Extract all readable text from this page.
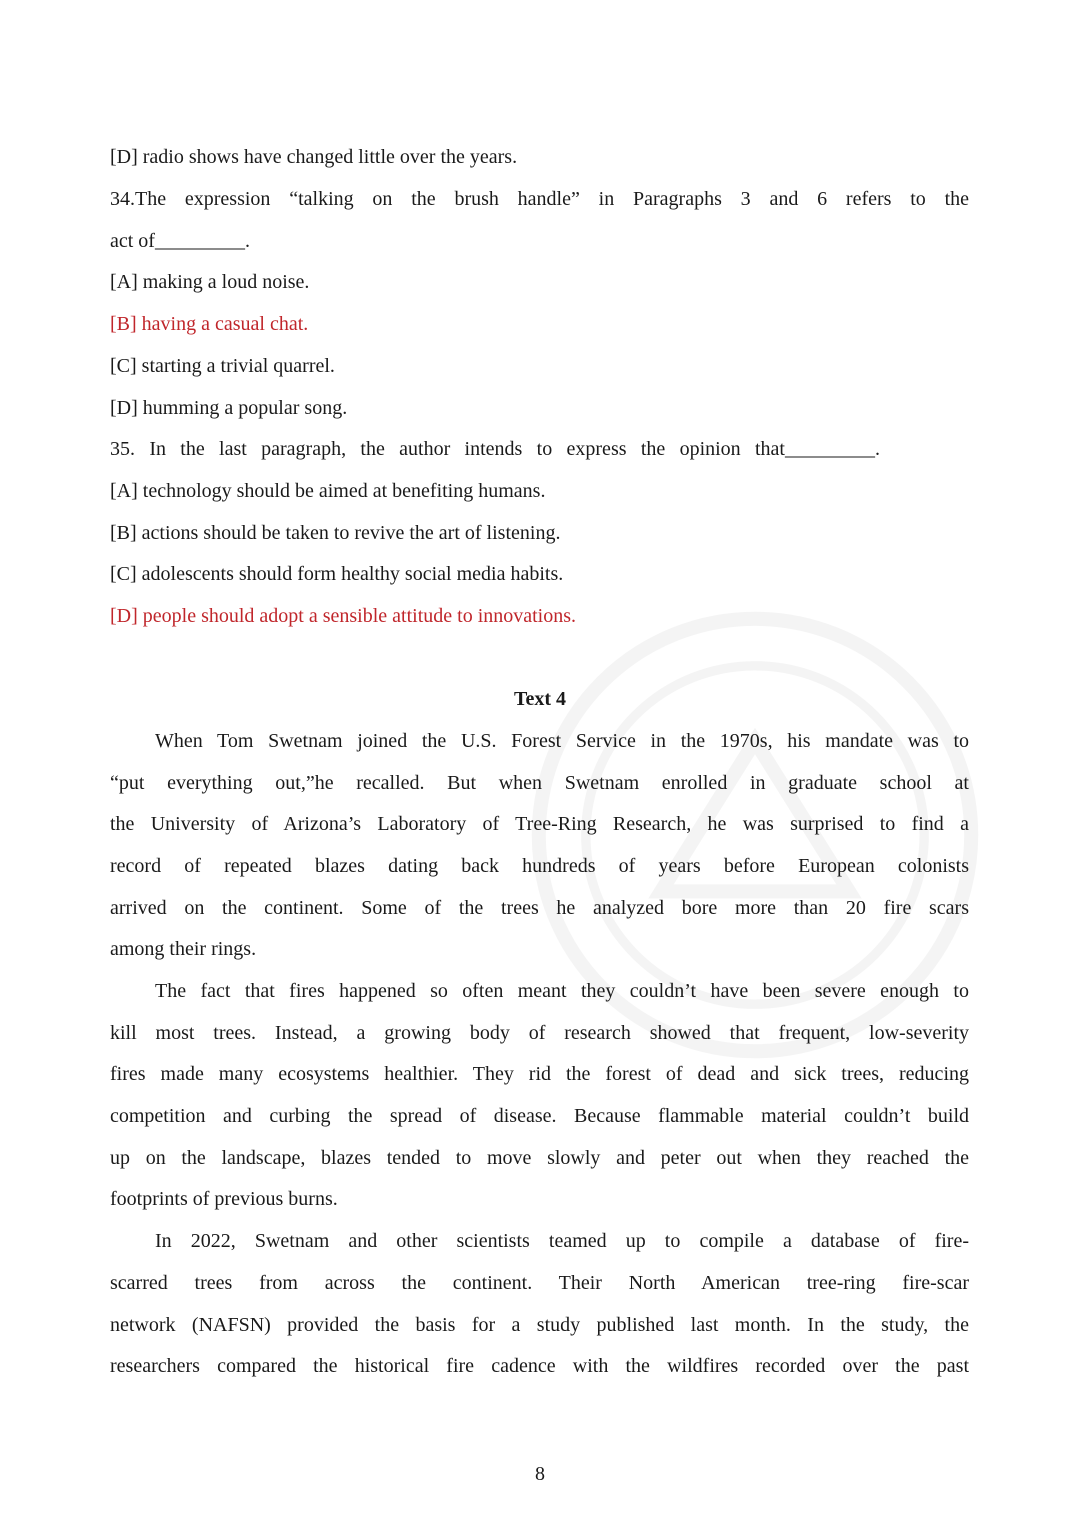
[D] radio shows have changed little over the years.
34.The expression “talking on the brush handle” in Paragraphs 3 and 6 refers to the
act of_________.
[A] making a loud noise.
[B] having a casual chat.
[C] starting a trivial quarrel.
[D] humming a popular song.
35. In the last paragraph, the author intends to express the opinion that_________.
[A] technology should be aimed at benefiting humans.
[B] actions should be taken to revive the art of listening.
[C] adolescents should form healthy social media habits.
[D] people should adopt a sensible attitude to innovations.
Text 4
When Tom Swetnam joined the U.S. Forest Service in the 1970s, his mandate was to
“put everything out,”he recalled. But when Swetnam enrolled in graduate school at
the University of Arizona’s Laboratory of Tree-Ring Research, he was surprised to find a
record of repeated blazes dating back hundreds of years before European colonists
arrived on the continent. Some of the trees he analyzed bore more than 20 fire scars
among their rings.
The fact that fires happened so often meant they couldn’t have been severe enough to
kill most trees. Instead, a growing body of research showed that frequent, low-severity
fires made many ecosystems healthier. They rid the forest of dead and sick trees, reducing
competition and curbing the spread of disease. Because flammable material couldn’t build
up on the landscape, blazes tended to move slowly and peter out when they reached the
footprints of previous burns.
In 2022, Swetnam and other scientists teamed up to compile a database of fire-
scarred trees from across the continent. Their North American tree-ring fire-scar
network (NAFSN) provided the basis for a study published last month. In the study, the
researchers compared the historical fire cadence with the wildfires recorded over the past
8
